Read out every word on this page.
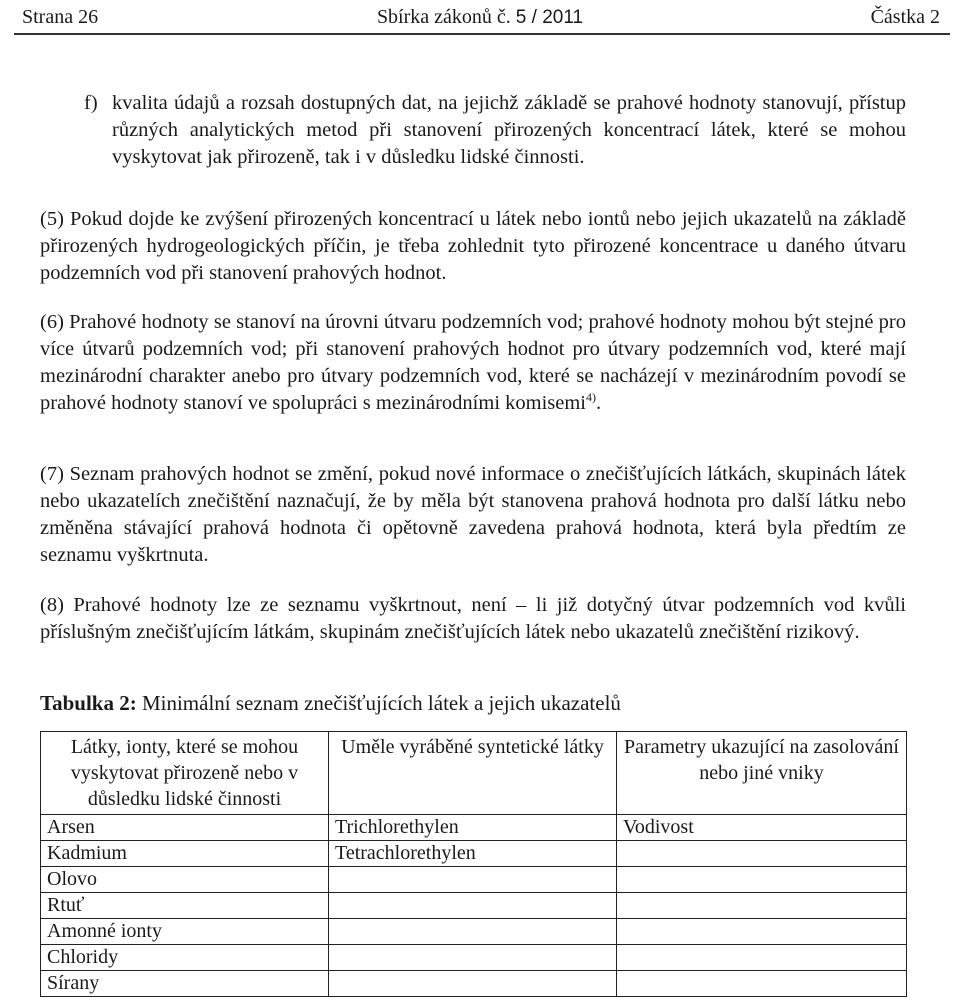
Strana 26	Sbírka zákonů č. 5 / 2011	Částka 2

f) kvalita údajů a rozsah dostupných dat, na jejichž základě se prahové hodnoty stanovují, přístup různých analytických metod při stanovení přirozených koncentrací látek, které se mohou vyskytovat jak přirozeně, tak i v důsledku lidské činnosti.

(5) Pokud dojde ke zvýšení přirozených koncentrací u látek nebo iontů nebo jejich ukazatelů na základě přirozených hydrogeologických příčin, je třeba zohlednit tyto přirozené koncentrace u daného útvaru podzemních vod při stanovení prahových hodnot.

(6) Prahové hodnoty se stanoví na úrovni útvaru podzemních vod; prahové hodnoty mohou být stejné pro více útvarů podzemních vod; při stanovení prahových hodnot pro útvary podzemních vod, které mají mezinárodní charakter anebo pro útvary podzemních vod, které se nacházejí v mezinárodním povodí se prahové hodnoty stanoví ve spolupráci s mezinárodními komisemi$^{4)}$.

(7) Seznam prahových hodnot se změní, pokud nové informace o znečišťujících látkách, skupinách látek nebo ukazatelích znečištění naznačují, že by měla být stanovena prahová hodnota pro další látku nebo změněna stávající prahová hodnota či opětovně zavedena prahová hodnota, která byla předtím ze seznamu vyškrtnuta.

(8) Prahové hodnoty lze ze seznamu vyškrtnout, není – li již dotyčný útvar podzemních vod kvůli příslušným znečišťujícím látkám, skupinám znečišťujících látek nebo ukazatelů znečištění rizikový.

Tabulka 2: Minimální seznam znečišťujících látek a jejich ukazatelů
Látky, ionty, které se mohou vyskytovat přirozeně nebo v důsledku lidské činnosti	Uměle vyráběné syntetické látky	Parametry ukazující na zasolování nebo jiné vniky
Arsen	Trichlorethylen	Vodivost
Kadmium	Tetrachlorethylen	
Olovo		
Rtuť		
Amonné ionty		
Chloridy		
Sírany		
